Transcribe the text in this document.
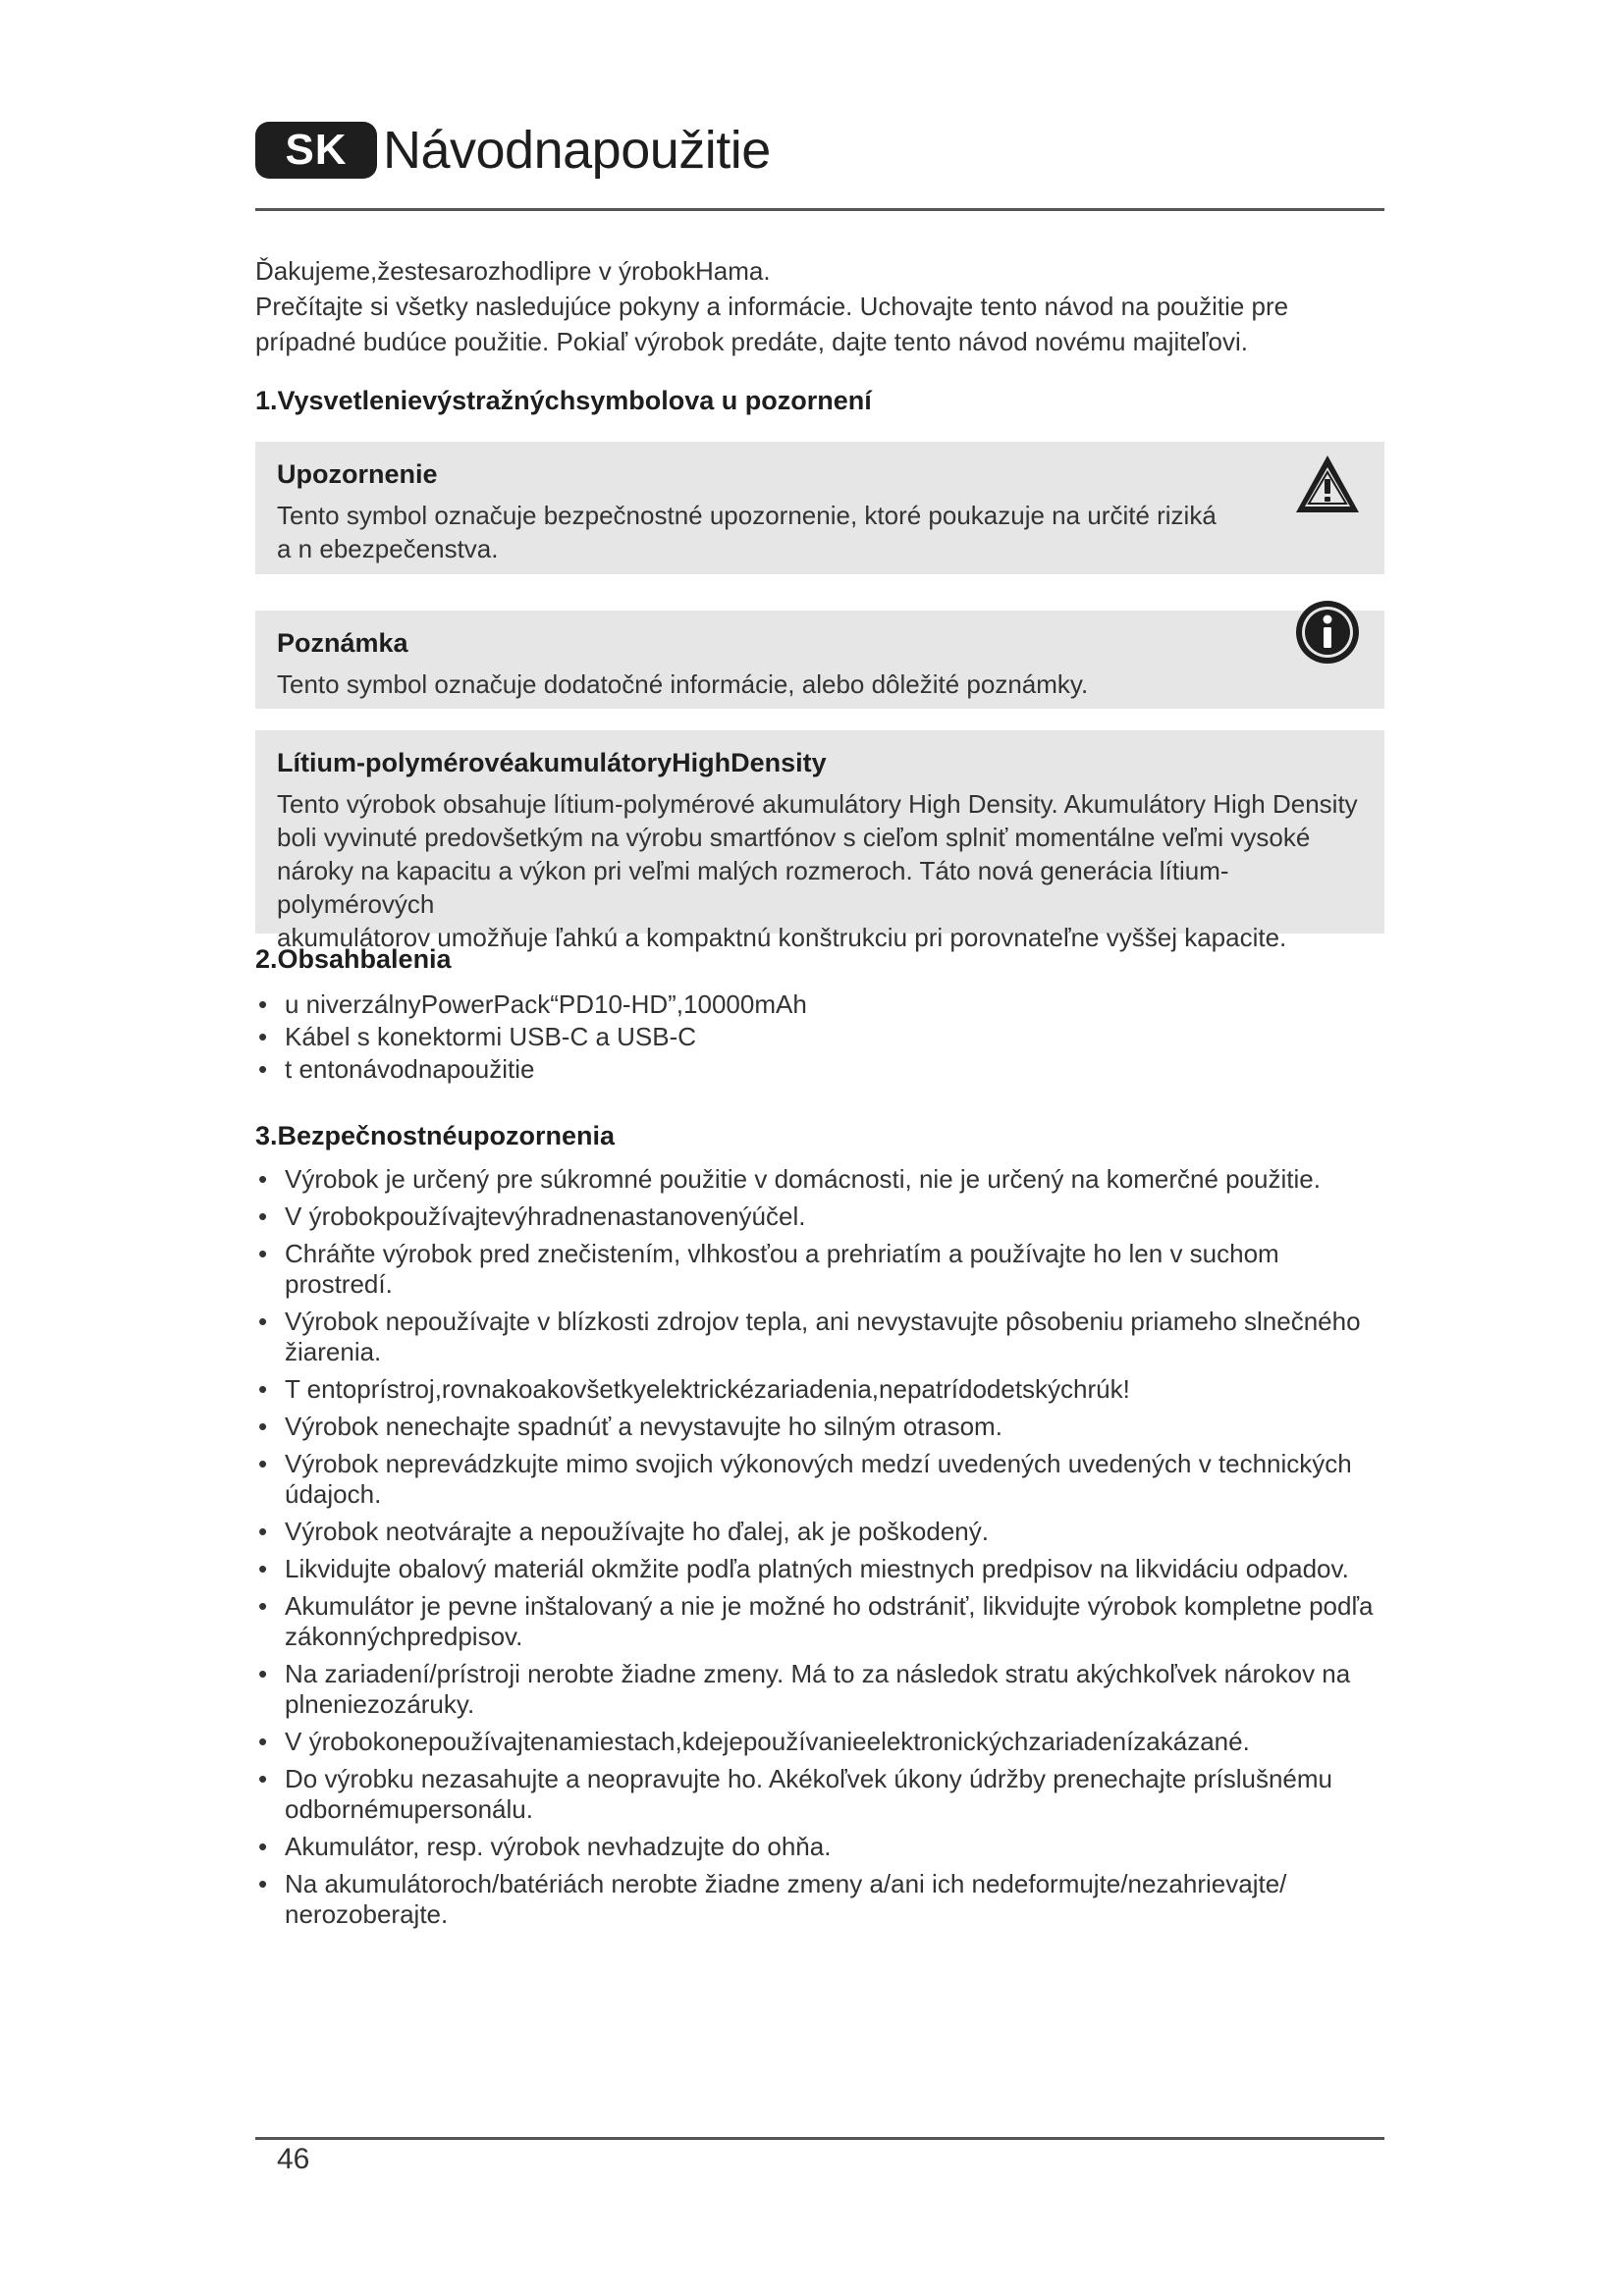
SK Návodnapoužitie

Ďakujeme,žestesarozhodlipre v ýrobokHama.

Prečítajte si všetky nasledujúce pokyny a informácie. Uchovajte tento návod na použitie pre prípadné budúce použitie. Pokiaľ výrobok predáte, dajte tento návod novému majiteľovi.

1.Vysvetlenievýstražnýchsymbolova u pozornení
Upozornenie

Tento symbol označuje bezpečnostné upozornenie, ktoré poukazuje na určité riziká

a n ebezpečenstva.

Poznámka

Tento symbol označuje dodatočné informácie, alebo dôležité poznámky.

Lítium-polymérovéakumulátoryHighDensity

Tento výrobok obsahuje lítium-polymérové akumulátory High Density. Akumulátory High Density

boli vyvinuté predovšetkým na výrobu smartfónov s cieľom splniť momentálne veľmi vysoké

nároky na kapacitu a výkon pri veľmi malých rozmeroch. Táto nová generácia lítium-polymérových

akumulátorov umožňuje ľahkú a kompaktnú konštrukciu pri porovnateľne vyššej kapacite.

2.Obsahbalenia
• u niverzálnyPowerPack“PD10-HD”,10000mAh
• Kábel s konektormi USB-C a USB-C
• t entonávodnapoužitie
3.Bezpečnostnéupozornenia
• Výrobok je určený pre súkromné použitie v domácnosti, nie je určený na komerčné použitie.
• V ýrobokpoužívajtevýhradnenastanovenýúčel.
• Chráňte výrobok pred znečistením, vlhkosťou a prehriatím a používajte ho len v suchom prostredí.
• Výrobok nepoužívajte v blízkosti zdrojov tepla, ani nevystavujte pôsobeniu priameho slnečného žiarenia.
• T entoprístroj,rovnakoakovšetkyelektrickézariadenia,nepatrídodetskýchrúk!
• Výrobok nenechajte spadnúť a nevystavujte ho silným otrasom.
• Výrobok neprevádzkujte mimo svojich výkonových medzí uvedených uvedených v technických údajoch.
• Výrobok neotvárajte a nepoužívajte ho ďalej, ak je poškodený.
• Likvidujte obalový materiál okmžite podľa platných miestnych predpisov na likvidáciu odpadov.
• Akumulátor je pevne inštalovaný a nie je možné ho odstrániť, likvidujte výrobok kompletne podľa zákonnýchpredpisov.
• Na zariadení/prístroji nerobte žiadne zmeny. Má to za následok stratu akýchkoľvek nárokov na plneniezozáruky.
• V ýrobokonepoužívajtenamiestach,kdejepoužívanieelektronickýchzariadenízakázané.
• Do výrobku nezasahujte a neopravujte ho. Akékoľvek úkony údržby prenechajte príslušnému odbornémupersonálu.
• Akumulátor, resp. výrobok nevhadzujte do ohňa.
• Na akumulátoroch/batériách nerobte žiadne zmeny a/ani ich nedeformujte/nezahrievajte/ nerozoberajte.
46
